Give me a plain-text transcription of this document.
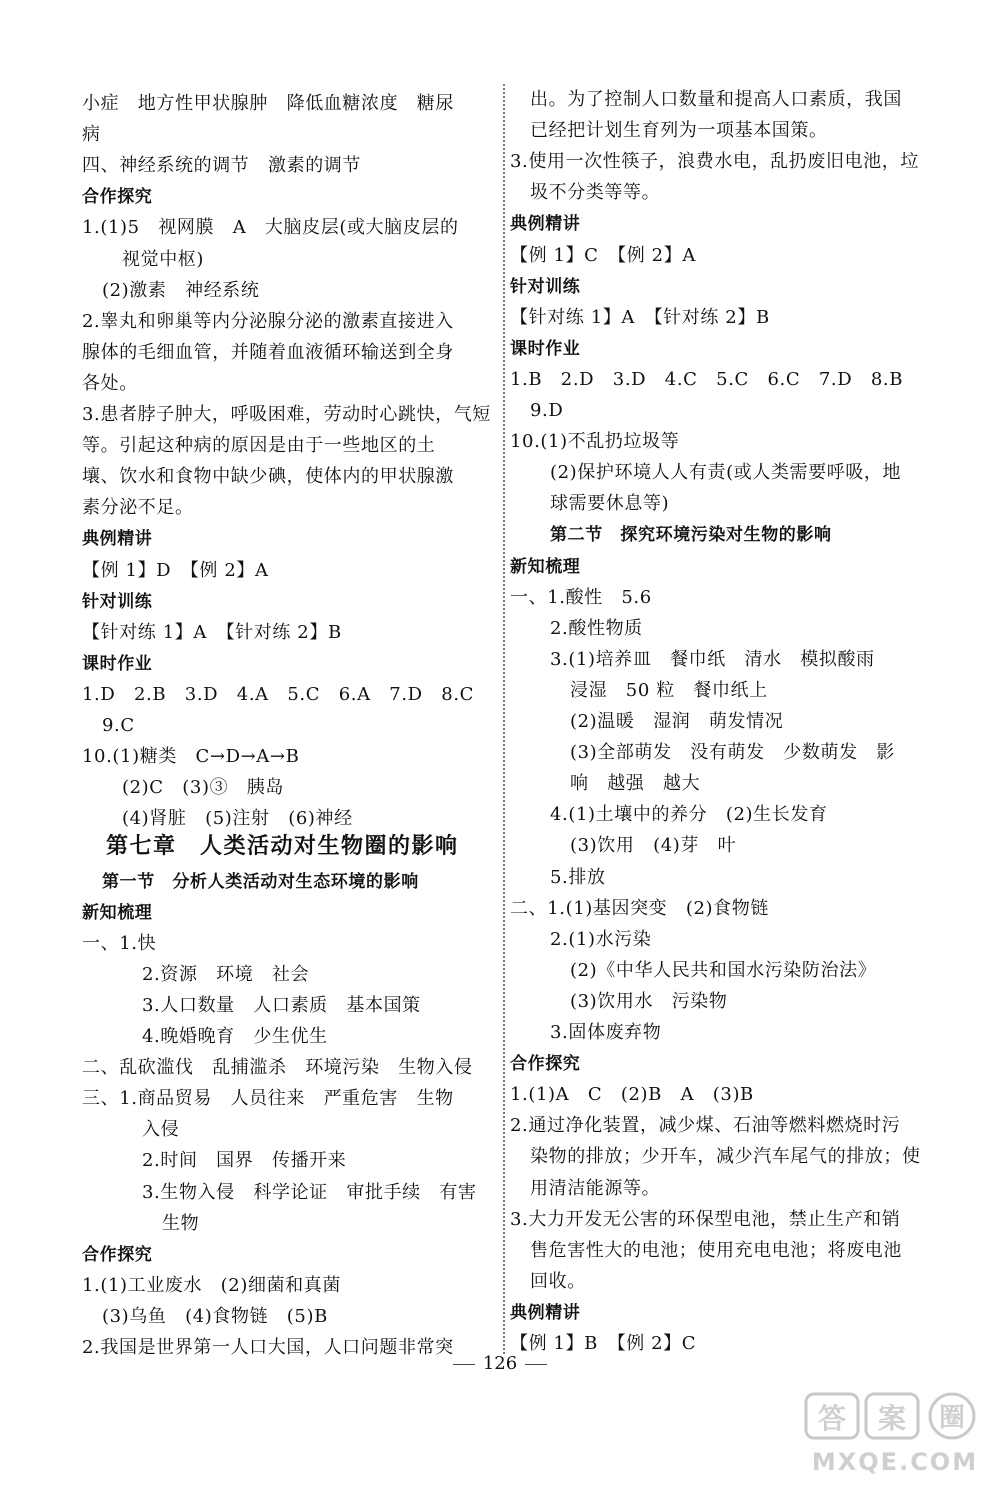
小症　地方性甲状腺肿　降低血糖浓度　糖尿
病
四、神经系统的调节　激素的调节
合作探究
1.(1)5　视网膜　A　大脑皮层(或大脑皮层的
视觉中枢)
(2)激素　神经系统
2.睾丸和卵巢等内分泌腺分泌的激素直接进入
腺体的毛细血管，并随着血液循环输送到全身
各处。
3.患者脖子肿大，呼吸困难，劳动时心跳快，气短
等。引起这种病的原因是由于一些地区的土
壤、饮水和食物中缺少碘，使体内的甲状腺激
素分泌不足。
典例精讲
【例 1】D　【例 2】A
针对训练
【针对练 1】A　【针对练 2】B
课时作业
1.D　2.B　3.D　4.A　5.C　6.A　7.D　8.C
9.C
10.(1)糖类　C→D→A→B
(2)C　(3)③　胰岛
(4)肾脏　(5)注射　(6)神经
第七章　人类活动对生物圈的影响
第一节　分析人类活动对生态环境的影响
新知梳理
一、1.快
2.资源　环境　社会
3.人口数量　人口素质　基本国策
4.晚婚晚育　少生优生
二、乱砍滥伐　乱捕滥杀　环境污染　生物入侵
三、1.商品贸易　人员往来　严重危害　生物
入侵
2.时间　国界　传播开来
3.生物入侵　科学论证　审批手续　有害
生物
合作探究
1.(1)工业废水　(2)细菌和真菌
(3)乌鱼　(4)食物链　(5)B
2.我国是世界第一人口大国，人口问题非常突
出。为了控制人口数量和提高人口素质，我国
已经把计划生育列为一项基本国策。
3.使用一次性筷子，浪费水电，乱扔废旧电池，垃
圾不分类等等。
典例精讲
【例 1】C　【例 2】A
针对训练
【针对练 1】A　【针对练 2】B
课时作业
1.B　2.D　3.D　4.C　5.C　6.C　7.D　8.B
9.D
10.(1)不乱扔垃圾等
(2)保护环境人人有责(或人类需要呼吸，地
球需要休息等)
第二节　探究环境污染对生物的影响
新知梳理
一、1.酸性　5.6
2.酸性物质
3.(1)培养皿　餐巾纸　清水　模拟酸雨
浸湿　50 粒　餐巾纸上
(2)温暖　湿润　萌发情况
(3)全部萌发　没有萌发　少数萌发　影
响　越强　越大
4.(1)土壤中的养分　(2)生长发育
(3)饮用　(4)芽　叶
5.排放
二、1.(1)基因突变　(2)食物链
2.(1)水污染
(2)《中华人民共和国水污染防治法》
(3)饮用水　污染物
3.固体废弃物
合作探究
1.(1)A　C　(2)B　A　(3)B
2.通过净化装置，减少煤、石油等燃料燃烧时污
染物的排放；少开车，减少汽车尾气的排放；使
用清洁能源等。
3.大力开发无公害的环保型电池，禁止生产和销
售危害性大的电池；使用充电电池；将废电池
回收。
典例精讲
【例 1】B　【例 2】C
126
答 案 圈
MXQE.COM
